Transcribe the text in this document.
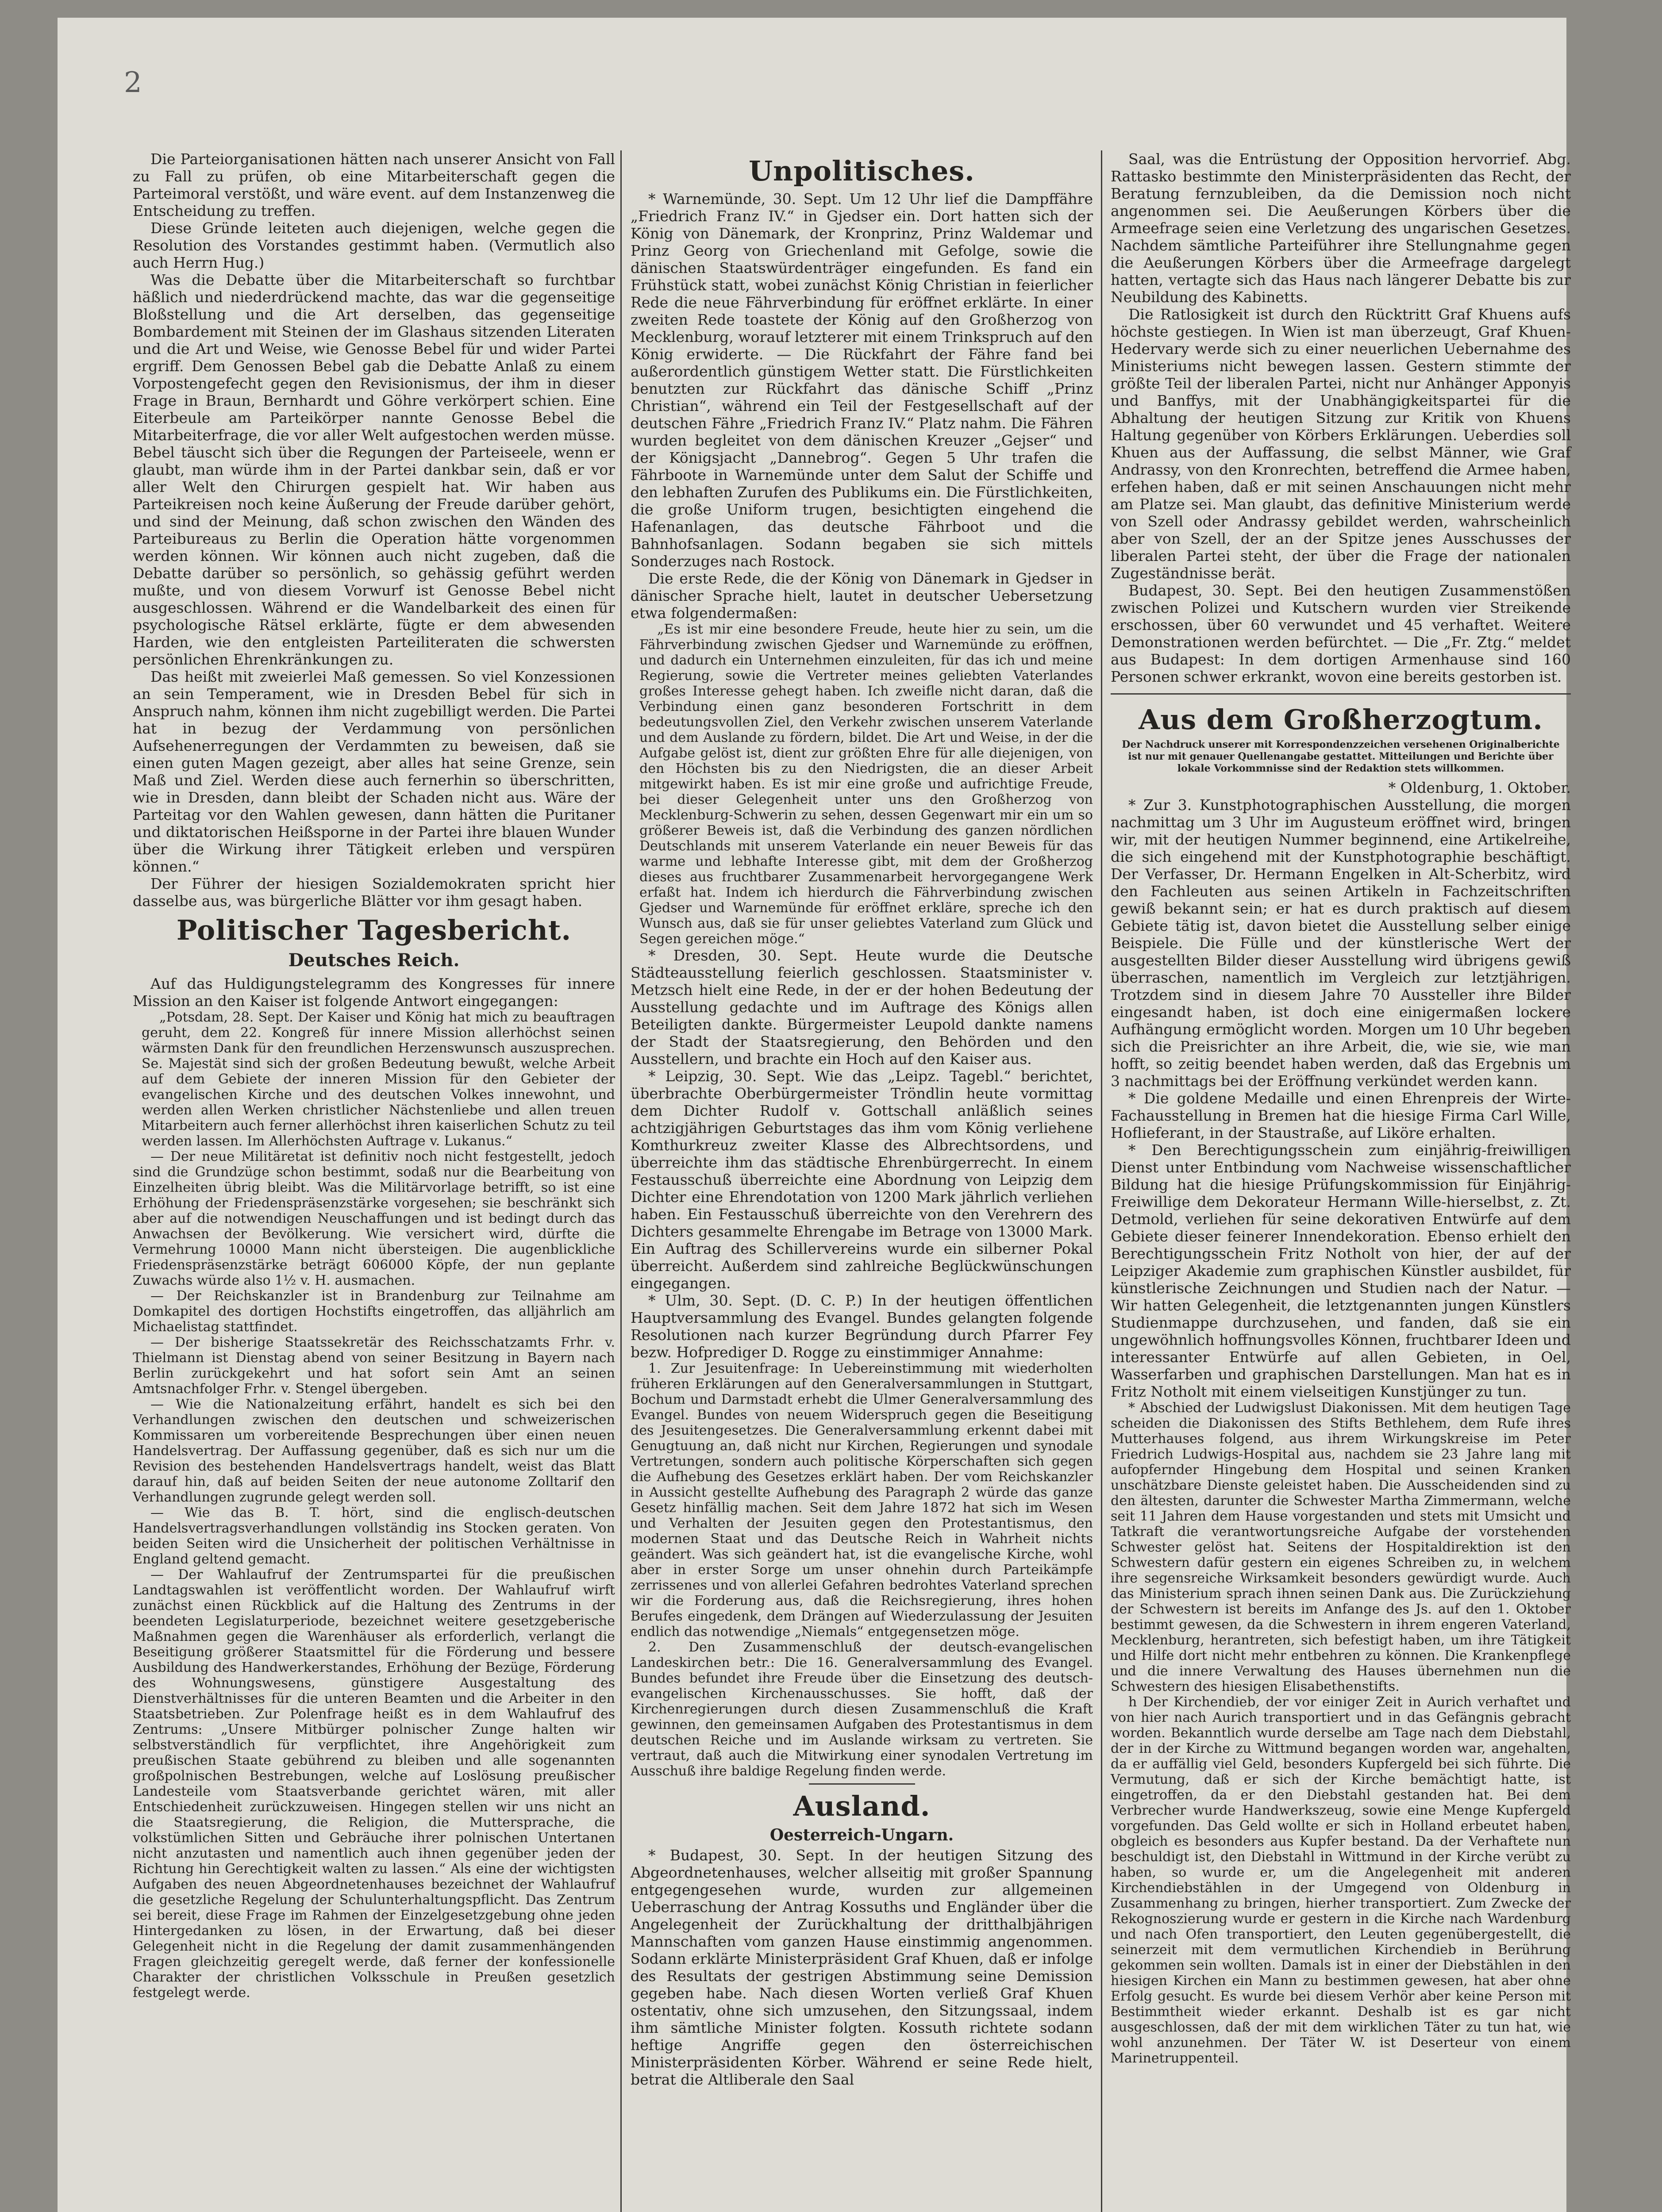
2

Die Parteiorganisationen hätten nach unserer Ansicht von Fall zu Fall zu prüfen, ob eine Mitarbeiterschaft gegen die Parteimoral verstößt, und wäre event. auf dem Instanzenweg die Entscheidung zu treffen.

Diese Gründe leiteten auch diejenigen, welche gegen die Resolution des Vorstandes gestimmt haben. (Vermutlich also auch Herrn Hug.)

Was die Debatte über die Mitarbeiterschaft so furchtbar häßlich und niederdrückend machte, das war die gegenseitige Bloßstellung und die Art derselben, das gegenseitige Bombardement mit Steinen der im Glashaus sitzenden Literaten und die Art und Weise, wie Genosse Bebel für und wider Partei ergriff. Dem Genossen Bebel gab die Debatte Anlaß zu einem Vorpostengefecht gegen den Revisionismus, der ihm in dieser Frage in Braun, Bernhardt und Göhre verkörpert schien. Eine Eiterbeule am Parteikörper nannte Genosse Bebel die Mitarbeiterfrage, die vor aller Welt aufgestochen werden müsse. Bebel täuscht sich über die Regungen der Parteiseele, wenn er glaubt, man würde ihm in der Partei dankbar sein, daß er vor aller Welt den Chirurgen gespielt hat. Wir haben aus Parteikreisen noch keine Äußerung der Freude darüber gehört, und sind der Meinung, daß schon zwischen den Wänden des Parteibureaus zu Berlin die Operation hätte vorgenommen werden können. Wir können auch nicht zugeben, daß die Debatte darüber so persönlich, so gehässig geführt werden mußte, und von diesem Vorwurf ist Genosse Bebel nicht ausgeschlossen. Während er die Wandelbarkeit des einen für psychologische Rätsel erklärte, fügte er dem abwesenden Harden, wie den entgleisten Parteiliteraten die schwersten persönlichen Ehrenkränkungen zu.

Das heißt mit zweierlei Maß gemessen. So viel Konzessionen an sein Temperament, wie in Dresden Bebel für sich in Anspruch nahm, können ihm nicht zugebilligt werden. Die Partei hat in bezug der Verdammung von persönlichen Aufsehenerregungen der Verdammten zu beweisen, daß sie einen guten Magen gezeigt, aber alles hat seine Grenze, sein Maß und Ziel. Werden diese auch fernerhin so überschritten, wie in Dresden, dann bleibt der Schaden nicht aus. Wäre der Parteitag vor den Wahlen gewesen, dann hätten die Puritaner und diktatorischen Heißsporne in der Partei ihre blauen Wunder über die Wirkung ihrer Tätigkeit erleben und verspüren können.“

Der Führer der hiesigen Sozialdemokraten spricht hier dasselbe aus, was bürgerliche Blätter vor ihm gesagt haben.

Politischer Tagesbericht.
Deutsches Reich.

Auf das Huldigungstelegramm des Kongresses für innere Mission an den Kaiser ist folgende Antwort eingegangen:

„Potsdam, 28. Sept. Der Kaiser und König hat mich zu beauftragen geruht, dem 22. Kongreß für innere Mission allerhöchst seinen wärmsten Dank für den freundlichen Herzenswunsch auszusprechen. Se. Majestät sind sich der großen Bedeutung bewußt, welche Arbeit auf dem Gebiete der inneren Mission für den Gebieter der evangelischen Kirche und des deutschen Volkes innewohnt, und werden allen Werken christlicher Nächstenliebe und allen treuen Mitarbeitern auch ferner allerhöchst ihren kaiserlichen Schutz zu teil werden lassen. Im Allerhöchsten Auftrage v. Lukanus.“

— Der neue Militäretat ist definitiv noch nicht festgestellt, jedoch sind die Grundzüge schon bestimmt, sodaß nur die Bearbeitung von Einzelheiten übrig bleibt. Was die Militärvorlage betrifft, so ist eine Erhöhung der Friedenspräsenzstärke vorgesehen; sie beschränkt sich aber auf die notwendigen Neuschaffungen und ist bedingt durch das Anwachsen der Bevölkerung. Wie versichert wird, dürfte die Vermehrung 10000 Mann nicht übersteigen. Die augenblickliche Friedenspräsenzstärke beträgt 606000 Köpfe, der nun geplante Zuwachs würde also 1½ v. H. ausmachen.

— Der Reichskanzler ist in Brandenburg zur Teilnahme am Domkapitel des dortigen Hochstifts eingetroffen, das alljährlich am Michaelistag stattfindet.

— Der bisherige Staatssekretär des Reichsschatzamts Frhr. v. Thielmann ist Dienstag abend von seiner Besitzung in Bayern nach Berlin zurückgekehrt und hat sofort sein Amt an seinen Amtsnachfolger Frhr. v. Stengel übergeben.

— Wie die Nationalzeitung erfährt, handelt es sich bei den Verhandlungen zwischen den deutschen und schweizerischen Kommissaren um vorbereitende Besprechungen über einen neuen Handelsvertrag. Der Auffassung gegenüber, daß es sich nur um die Revision des bestehenden Handelsvertrags handelt, weist das Blatt darauf hin, daß auf beiden Seiten der neue autonome Zolltarif den Verhandlungen zugrunde gelegt werden soll.

— Wie das B. T. hört, sind die englisch-deutschen Handelsvertragsverhandlungen vollständig ins Stocken geraten. Von beiden Seiten wird die Unsicherheit der politischen Verhältnisse in England geltend gemacht.

— Der Wahlaufruf der Zentrumspartei für die preußischen Landtagswahlen ist veröffentlicht worden. Der Wahlaufruf wirft zunächst einen Rückblick auf die Haltung des Zentrums in der beendeten Legislaturperiode, bezeichnet weitere gesetzgeberische Maßnahmen gegen die Warenhäuser als erforderlich, verlangt die Beseitigung größerer Staatsmittel für die Förderung und bessere Ausbildung des Handwerkerstandes, Erhöhung der Bezüge, Förderung des Wohnungswesens, günstigere Ausgestaltung des Dienstverhältnisses für die unteren Beamten und die Arbeiter in den Staatsbetrieben. Zur Polenfrage heißt es in dem Wahlaufruf des Zentrums: „Unsere Mitbürger polnischer Zunge halten wir selbstverständlich für verpflichtet, ihre Angehörigkeit zum preußischen Staate gebührend zu bleiben und alle sogenannten großpolnischen Bestrebungen, welche auf Loslösung preußischer Landesteile vom Staatsverbande gerichtet wären, mit aller Entschiedenheit zurückzuweisen. Hingegen stellen wir uns nicht an die Staatsregierung, die Religion, die Muttersprache, die volkstümlichen Sitten und Gebräuche ihrer polnischen Untertanen nicht anzutasten und namentlich auch ihnen gegenüber jeden der Richtung hin Gerechtigkeit walten zu lassen.“ Als eine der wichtigsten Aufgaben des neuen Abgeordnetenhauses bezeichnet der Wahlaufruf die gesetzliche Regelung der Schulunterhaltungspflicht. Das Zentrum sei bereit, diese Frage im Rahmen der Einzelgesetzgebung ohne jeden Hintergedanken zu lösen, in der Erwartung, daß bei dieser Gelegenheit nicht in die Regelung der damit zusammenhängenden Fragen gleichzeitig geregelt werde, daß ferner der konfessionelle Charakter der christlichen Volksschule in Preußen gesetzlich festgelegt werde.

Unpolitisches.

* Warnemünde, 30. Sept. Um 12 Uhr lief die Dampffähre „Friedrich Franz IV.“ in Gjedser ein. Dort hatten sich der König von Dänemark, der Kronprinz, Prinz Waldemar und Prinz Georg von Griechenland mit Gefolge, sowie die dänischen Staatswürdenträger eingefunden. Es fand ein Frühstück statt, wobei zunächst König Christian in feierlicher Rede die neue Fährverbindung für eröffnet erklärte. In einer zweiten Rede toastete der König auf den Großherzog von Mecklenburg, worauf letzterer mit einem Trinkspruch auf den König erwiderte. — Die Rückfahrt der Fähre fand bei außerordentlich günstigem Wetter statt. Die Fürstlichkeiten benutzten zur Rückfahrt das dänische Schiff „Prinz Christian“, während ein Teil der Festgesellschaft auf der deutschen Fähre „Friedrich Franz IV.“ Platz nahm. Die Fähren wurden begleitet von dem dänischen Kreuzer „Gejser“ und der Königsjacht „Dannebrog“. Gegen 5 Uhr trafen die Fährboote in Warnemünde unter dem Salut der Schiffe und den lebhaften Zurufen des Publikums ein. Die Fürstlichkeiten, die große Uniform trugen, besichtigten eingehend die Hafenanlagen, das deutsche Fährboot und die Bahnhofsanlagen. Sodann begaben sie sich mittels Sonderzuges nach Rostock.

Die erste Rede, die der König von Dänemark in Gjedser in dänischer Sprache hielt, lautet in deutscher Uebersetzung etwa folgendermaßen:

„Es ist mir eine besondere Freude, heute hier zu sein, um die Fährverbindung zwischen Gjedser und Warnemünde zu eröffnen, und dadurch ein Unternehmen einzuleiten, für das ich und meine Regierung, sowie die Vertreter meines geliebten Vaterlandes großes Interesse gehegt haben. Ich zweifle nicht daran, daß die Verbindung einen ganz besonderen Fortschritt in dem bedeutungsvollen Ziel, den Verkehr zwischen unserem Vaterlande und dem Auslande zu fördern, bildet. Die Art und Weise, in der die Aufgabe gelöst ist, dient zur größten Ehre für alle diejenigen, von den Höchsten bis zu den Niedrigsten, die an dieser Arbeit mitgewirkt haben. Es ist mir eine große und aufrichtige Freude, bei dieser Gelegenheit unter uns den Großherzog von Mecklenburg-Schwerin zu sehen, dessen Gegenwart mir ein um so größerer Beweis ist, daß die Verbindung des ganzen nördlichen Deutschlands mit unserem Vaterlande ein neuer Beweis für das warme und lebhafte Interesse gibt, mit dem der Großherzog dieses aus fruchtbarer Zusammenarbeit hervorgegangene Werk erfaßt hat. Indem ich hierdurch die Fährverbindung zwischen Gjedser und Warnemünde für eröffnet erkläre, spreche ich den Wunsch aus, daß sie für unser geliebtes Vaterland zum Glück und Segen gereichen möge.“

* Dresden, 30. Sept. Heute wurde die Deutsche Städteausstellung feierlich geschlossen. Staatsminister v. Metzsch hielt eine Rede, in der er der hohen Bedeutung der Ausstellung gedachte und im Auftrage des Königs allen Beteiligten dankte. Bürgermeister Leupold dankte namens der Stadt der Staatsregierung, den Behörden und den Ausstellern, und brachte ein Hoch auf den Kaiser aus.

* Leipzig, 30. Sept. Wie das „Leipz. Tagebl.“ berichtet, überbrachte Oberbürgermeister Tröndlin heute vormittag dem Dichter Rudolf v. Gottschall anläßlich seines achtzigjährigen Geburtstages das ihm vom König verliehene Komthurkreuz zweiter Klasse des Albrechtsordens, und überreichte ihm das städtische Ehrenbürgerrecht. In einem Festausschuß überreichte eine Abordnung von Leipzig dem Dichter eine Ehrendotation von 1200 Mark jährlich verliehen haben. Ein Festausschuß überreichte von den Verehrern des Dichters gesammelte Ehrengabe im Betrage von 13000 Mark. Ein Auftrag des Schillervereins wurde ein silberner Pokal überreicht. Außerdem sind zahlreiche Beglückwünschungen eingegangen.

* Ulm, 30. Sept. (D. C. P.) In der heutigen öffentlichen Hauptversammlung des Evangel. Bundes gelangten folgende Resolutionen nach kurzer Begründung durch Pfarrer Fey bezw. Hofprediger D. Rogge zu einstimmiger Annahme:

1. Zur Jesuitenfrage: In Uebereinstimmung mit wiederholten früheren Erklärungen auf den Generalversammlungen in Stuttgart, Bochum und Darmstadt erhebt die Ulmer Generalversammlung des Evangel. Bundes von neuem Widerspruch gegen die Beseitigung des Jesuitengesetzes. Die Generalversammlung erkennt dabei mit Genugtuung an, daß nicht nur Kirchen, Regierungen und synodale Vertretungen, sondern auch politische Körperschaften sich gegen die Aufhebung des Gesetzes erklärt haben. Der vom Reichskanzler in Aussicht gestellte Aufhebung des Paragraph 2 würde das ganze Gesetz hinfällig machen. Seit dem Jahre 1872 hat sich im Wesen und Verhalten der Jesuiten gegen den Protestantismus, den modernen Staat und das Deutsche Reich in Wahrheit nichts geändert. Was sich geändert hat, ist die evangelische Kirche, wohl aber in erster Sorge um unser ohnehin durch Parteikämpfe zerrissenes und von allerlei Gefahren bedrohtes Vaterland sprechen wir die Forderung aus, daß die Reichsregierung, ihres hohen Berufes eingedenk, dem Drängen auf Wiederzulassung der Jesuiten endlich das notwendige „Niemals“ entgegensetzen möge.

2. Den Zusammenschluß der deutsch-evangelischen Landeskirchen betr.: Die 16. Generalversammlung des Evangel. Bundes befundet ihre Freude über die Einsetzung des deutsch-evangelischen Kirchenausschusses. Sie hofft, daß der Kirchenregierungen durch diesen Zusammenschluß die Kraft gewinnen, den gemeinsamen Aufgaben des Protestantismus in dem deutschen Reiche und im Auslande wirksam zu vertreten. Sie vertraut, daß auch die Mitwirkung einer synodalen Vertretung im Ausschuß ihre baldige Regelung finden werde.

Ausland.
Oesterreich-Ungarn.

* Budapest, 30. Sept. In der heutigen Sitzung des Abgeordnetenhauses, welcher allseitig mit großer Spannung entgegengesehen wurde, wurden zur allgemeinen Ueberraschung der Antrag Kossuths und Engländer über die Angelegenheit der Zurückhaltung der dritthalbjährigen Mannschaften vom ganzen Hause einstimmig angenommen. Sodann erklärte Ministerpräsident Graf Khuen, daß er infolge des Resultats der gestrigen Abstimmung seine Demission gegeben habe. Nach diesen Worten verließ Graf Khuen ostentativ, ohne sich umzusehen, den Sitzungssaal, indem ihm sämtliche Minister folgten. Kossuth richtete sodann heftige Angriffe gegen den österreichischen Ministerpräsidenten Körber. Während er seine Rede hielt, betrat die Altliberale den Saal

Saal, was die Entrüstung der Opposition hervorrief. Abg. Rattasko bestimmte den Ministerpräsidenten das Recht, der Beratung fernzubleiben, da die Demission noch nicht angenommen sei. Die Aeußerungen Körbers über die Armeefrage seien eine Verletzung des ungarischen Gesetzes. Nachdem sämtliche Parteiführer ihre Stellungnahme gegen die Aeußerungen Körbers über die Armeefrage dargelegt hatten, vertagte sich das Haus nach längerer Debatte bis zur Neubildung des Kabinetts.

Die Ratlosigkeit ist durch den Rücktritt Graf Khuens aufs höchste gestiegen. In Wien ist man überzeugt, Graf Khuen-Hedervary werde sich zu einer neuerlichen Uebernahme des Ministeriums nicht bewegen lassen. Gestern stimmte der größte Teil der liberalen Partei, nicht nur Anhänger Apponyis und Banffys, mit der Unabhängigkeitspartei für die Abhaltung der heutigen Sitzung zur Kritik von Khuens Haltung gegenüber von Körbers Erklärungen. Ueberdies soll Khuen aus der Auffassung, die selbst Männer, wie Graf Andrassy, von den Kronrechten, betreffend die Armee haben, erfehen haben, daß er mit seinen Anschauungen nicht mehr am Platze sei. Man glaubt, das definitive Ministerium werde von Szell oder Andrassy gebildet werden, wahrscheinlich aber von Szell, der an der Spitze jenes Ausschusses der liberalen Partei steht, der über die Frage der nationalen Zugeständnisse berät.

Budapest, 30. Sept. Bei den heutigen Zusammenstößen zwischen Polizei und Kutschern wurden vier Streikende erschossen, über 60 verwundet und 45 verhaftet. Weitere Demonstrationen werden befürchtet. — Die „Fr. Ztg.“ meldet aus Budapest: In dem dortigen Armenhause sind 160 Personen schwer erkrankt, wovon eine bereits gestorben ist.

Aus dem Großherzogtum.
Der Nachdruck unserer mit Korrespondenzzeichen versehenen Originalberichte ist nur mit genauer Quellenangabe gestattet. Mitteilungen und Berichte über lokale Vorkommnisse sind der Redaktion stets willkommen.

* Oldenburg, 1. Oktober.

* Zur 3. Kunstphotographischen Ausstellung, die morgen nachmittag um 3 Uhr im Augusteum eröffnet wird, bringen wir, mit der heutigen Nummer beginnend, eine Artikelreihe, die sich eingehend mit der Kunstphotographie beschäftigt. Der Verfasser, Dr. Hermann Engelken in Alt-Scherbitz, wird den Fachleuten aus seinen Artikeln in Fachzeitschriften gewiß bekannt sein; er hat es durch praktisch auf diesem Gebiete tätig ist, davon bietet die Ausstellung selber einige Beispiele. Die Fülle und der künstlerische Wert der ausgestellten Bilder dieser Ausstellung wird übrigens gewiß überraschen, namentlich im Vergleich zur letztjährigen. Trotzdem sind in diesem Jahre 70 Aussteller ihre Bilder eingesandt haben, ist doch eine einigermaßen lockere Aufhängung ermöglicht worden. Morgen um 10 Uhr begeben sich die Preisrichter an ihre Arbeit, die, wie sie, wie man hofft, so zeitig beendet haben werden, daß das Ergebnis um 3 nachmittags bei der Eröffnung verkündet werden kann.

* Die goldene Medaille und einen Ehrenpreis der Wirte-Fachausstellung in Bremen hat die hiesige Firma Carl Wille, Hoflieferant, in der Staustraße, auf Liköre erhalten.

* Den Berechtigungsschein zum einjährig-freiwilligen Dienst unter Entbindung vom Nachweise wissenschaftlicher Bildung hat die hiesige Prüfungskommission für Einjährig-Freiwillige dem Dekorateur Hermann Wille-hierselbst, z. Zt. Detmold, verliehen für seine dekorativen Entwürfe auf dem Gebiete dieser feinerer Innendekoration. Ebenso erhielt den Berechtigungsschein Fritz Notholt von hier, der auf der Leipziger Akademie zum graphischen Künstler ausbildet, für künstlerische Zeichnungen und Studien nach der Natur. — Wir hatten Gelegenheit, die letztgenannten jungen Künstlers Studienmappe durchzusehen, und fanden, daß sie ein ungewöhnlich hoffnungsvolles Können, fruchtbarer Ideen und interessanter Entwürfe auf allen Gebieten, in Oel, Wasserfarben und graphischen Darstellungen. Man hat es in Fritz Notholt mit einem vielseitigen Kunstjünger zu tun.

* Abschied der Ludwigslust Diakonissen. Mit dem heutigen Tage scheiden die Diakonissen des Stifts Bethlehem, dem Rufe ihres Mutterhauses folgend, aus ihrem Wirkungskreise im Peter Friedrich Ludwigs-Hospital aus, nachdem sie 23 Jahre lang mit aufopfernder Hingebung dem Hospital und seinen Kranken unschätzbare Dienste geleistet haben. Die Ausscheidenden sind zu den ältesten, darunter die Schwester Martha Zimmermann, welche seit 11 Jahren dem Hause vorgestanden und stets mit Umsicht und Tatkraft die verantwortungsreiche Aufgabe der vorstehenden Schwester gelöst hat. Seitens der Hospitaldirektion ist den Schwestern dafür gestern ein eigenes Schreiben zu, in welchem ihre segensreiche Wirksamkeit besonders gewürdigt wurde. Auch das Ministerium sprach ihnen seinen Dank aus. Die Zurückziehung der Schwestern ist bereits im Anfange des Js. auf den 1. Oktober bestimmt gewesen, da die Schwestern in ihrem engeren Vaterland, Mecklenburg, herantreten, sich befestigt haben, um ihre Tätigkeit und Hilfe dort nicht mehr entbehren zu können. Die Krankenpflege und die innere Verwaltung des Hauses übernehmen nun die Schwestern des hiesigen Elisabethenstifts.

h Der Kirchendieb, der vor einiger Zeit in Aurich verhaftet und von hier nach Aurich transportiert und in das Gefängnis gebracht worden. Bekanntlich wurde derselbe am Tage nach dem Diebstahl, der in der Kirche zu Wittmund begangen worden war, angehalten, da er auffällig viel Geld, besonders Kupfergeld bei sich führte. Die Vermutung, daß er sich der Kirche bemächtigt hatte, ist eingetroffen, da er den Diebstahl gestanden hat. Bei dem Verbrecher wurde Handwerkszeug, sowie eine Menge Kupfergeld vorgefunden. Das Geld wollte er sich in Holland erbeutet haben, obgleich es besonders aus Kupfer bestand. Da der Verhaftete nun beschuldigt ist, den Diebstahl in Wittmund in der Kirche verübt zu haben, so wurde er, um die Angelegenheit mit anderen Kirchendiebstählen in der Umgegend von Oldenburg in Zusammenhang zu bringen, hierher transportiert. Zum Zwecke der Rekognoszierung wurde er gestern in die Kirche nach Wardenburg und nach Ofen transportiert, den Leuten gegenübergestellt, die seinerzeit mit dem vermutlichen Kirchendieb in Berührung gekommen sein wollten. Damals ist in einer der Diebstählen in den hiesigen Kirchen ein Mann zu bestimmen gewesen, hat aber ohne Erfolg gesucht. Es wurde bei diesem Verhör aber keine Person mit Bestimmtheit wieder erkannt. Deshalb ist es gar nicht ausgeschlossen, daß der mit dem wirklichen Täter zu tun hat, wie wohl anzunehmen. Der Täter W. ist Deserteur von einem Marinetruppenteil.
